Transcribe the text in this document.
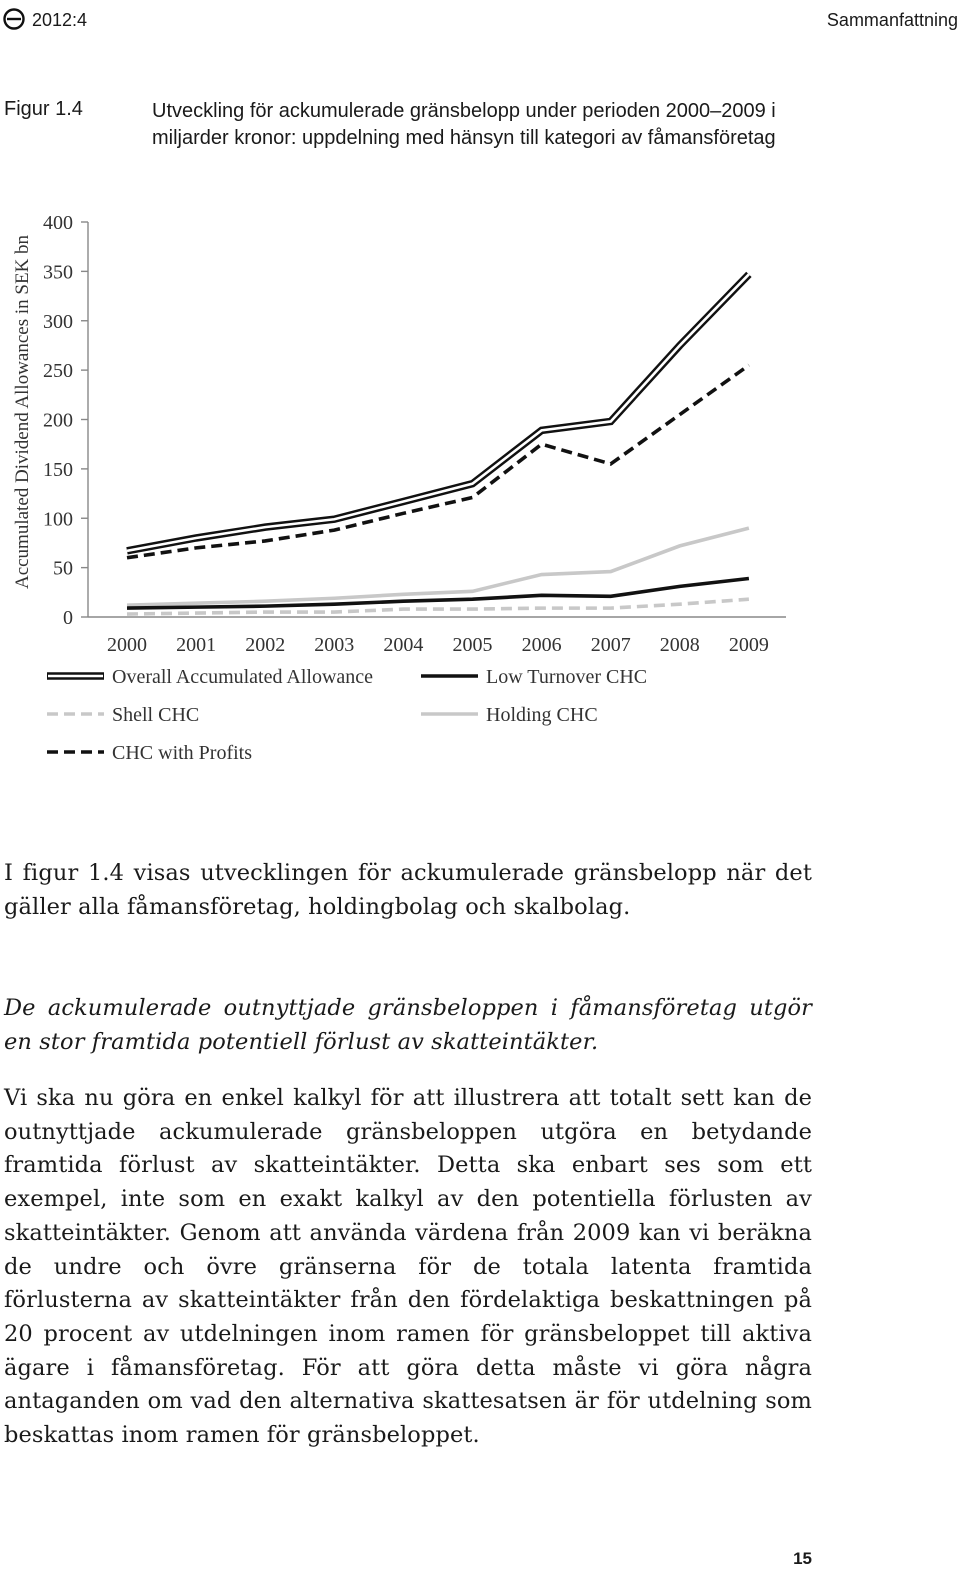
2012:4	Sammanfattning
Figur 1.4	Utveckling för ackumulerade gränsbelopp under perioden 2000–2009 i miljarder kronor: uppdelning med hänsyn till kategori av fåmansföretag
Accumulated Dividend Allowances in SEK bn
0
50
100
150
200
250
300
350
400
2000 2001 2002 2003 2004 2005 2006 2007 2008 2009
Overall Accumulated Allowance	Low Turnover CHC
Shell CHC	Holding CHC
CHC with Profits
I figur 1.4 visas utvecklingen för ackumulerade gränsbelopp när det gäller alla fåmansföretag, holdingbolag och skalbolag.
De ackumulerade outnyttjade gränsbeloppen i fåmansföretag utgör en stor framtida potentiell förlust av skatteintäkter.
Vi ska nu göra en enkel kalkyl för att illustrera att totalt sett kan de outnyttjade ackumulerade gränsbeloppen utgöra en betydande framtida förlust av skatteintäkter. Detta ska enbart ses som ett exempel, inte som en exakt kalkyl av den potentiella förlusten av skatteintäkter. Genom att använda värdena från 2009 kan vi beräkna de undre och övre gränserna för de totala latenta framtida förlusterna av skatteintäkter från den fördelaktiga beskattningen på 20 procent av utdelningen inom ramen för gränsbeloppet till aktiva ägare i fåmansföretag. För att göra detta måste vi göra några antaganden om vad den alternativa skattesatsen är för utdelning som beskattas inom ramen för gränsbeloppet.
15
